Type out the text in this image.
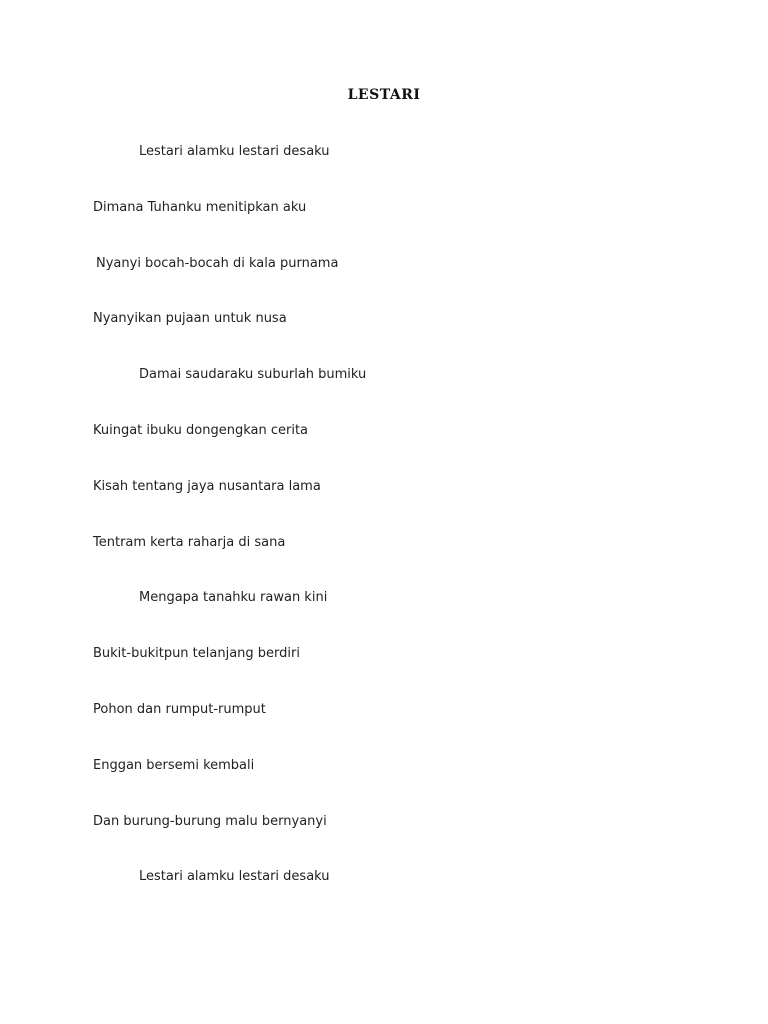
LESTARI
Lestari alamku lestari desaku
Dimana Tuhanku menitipkan aku
Nyanyi bocah-bocah di kala purnama
Nyanyikan pujaan untuk nusa
Damai saudaraku suburlah bumiku
Kuingat ibuku dongengkan cerita
Kisah tentang jaya nusantara lama
Tentram kerta raharja di sana
Mengapa tanahku rawan kini
Bukit-bukitpun telanjang berdiri
Pohon dan rumput-rumput
Enggan bersemi kembali
Dan burung-burung malu bernyanyi
Lestari alamku lestari desaku
